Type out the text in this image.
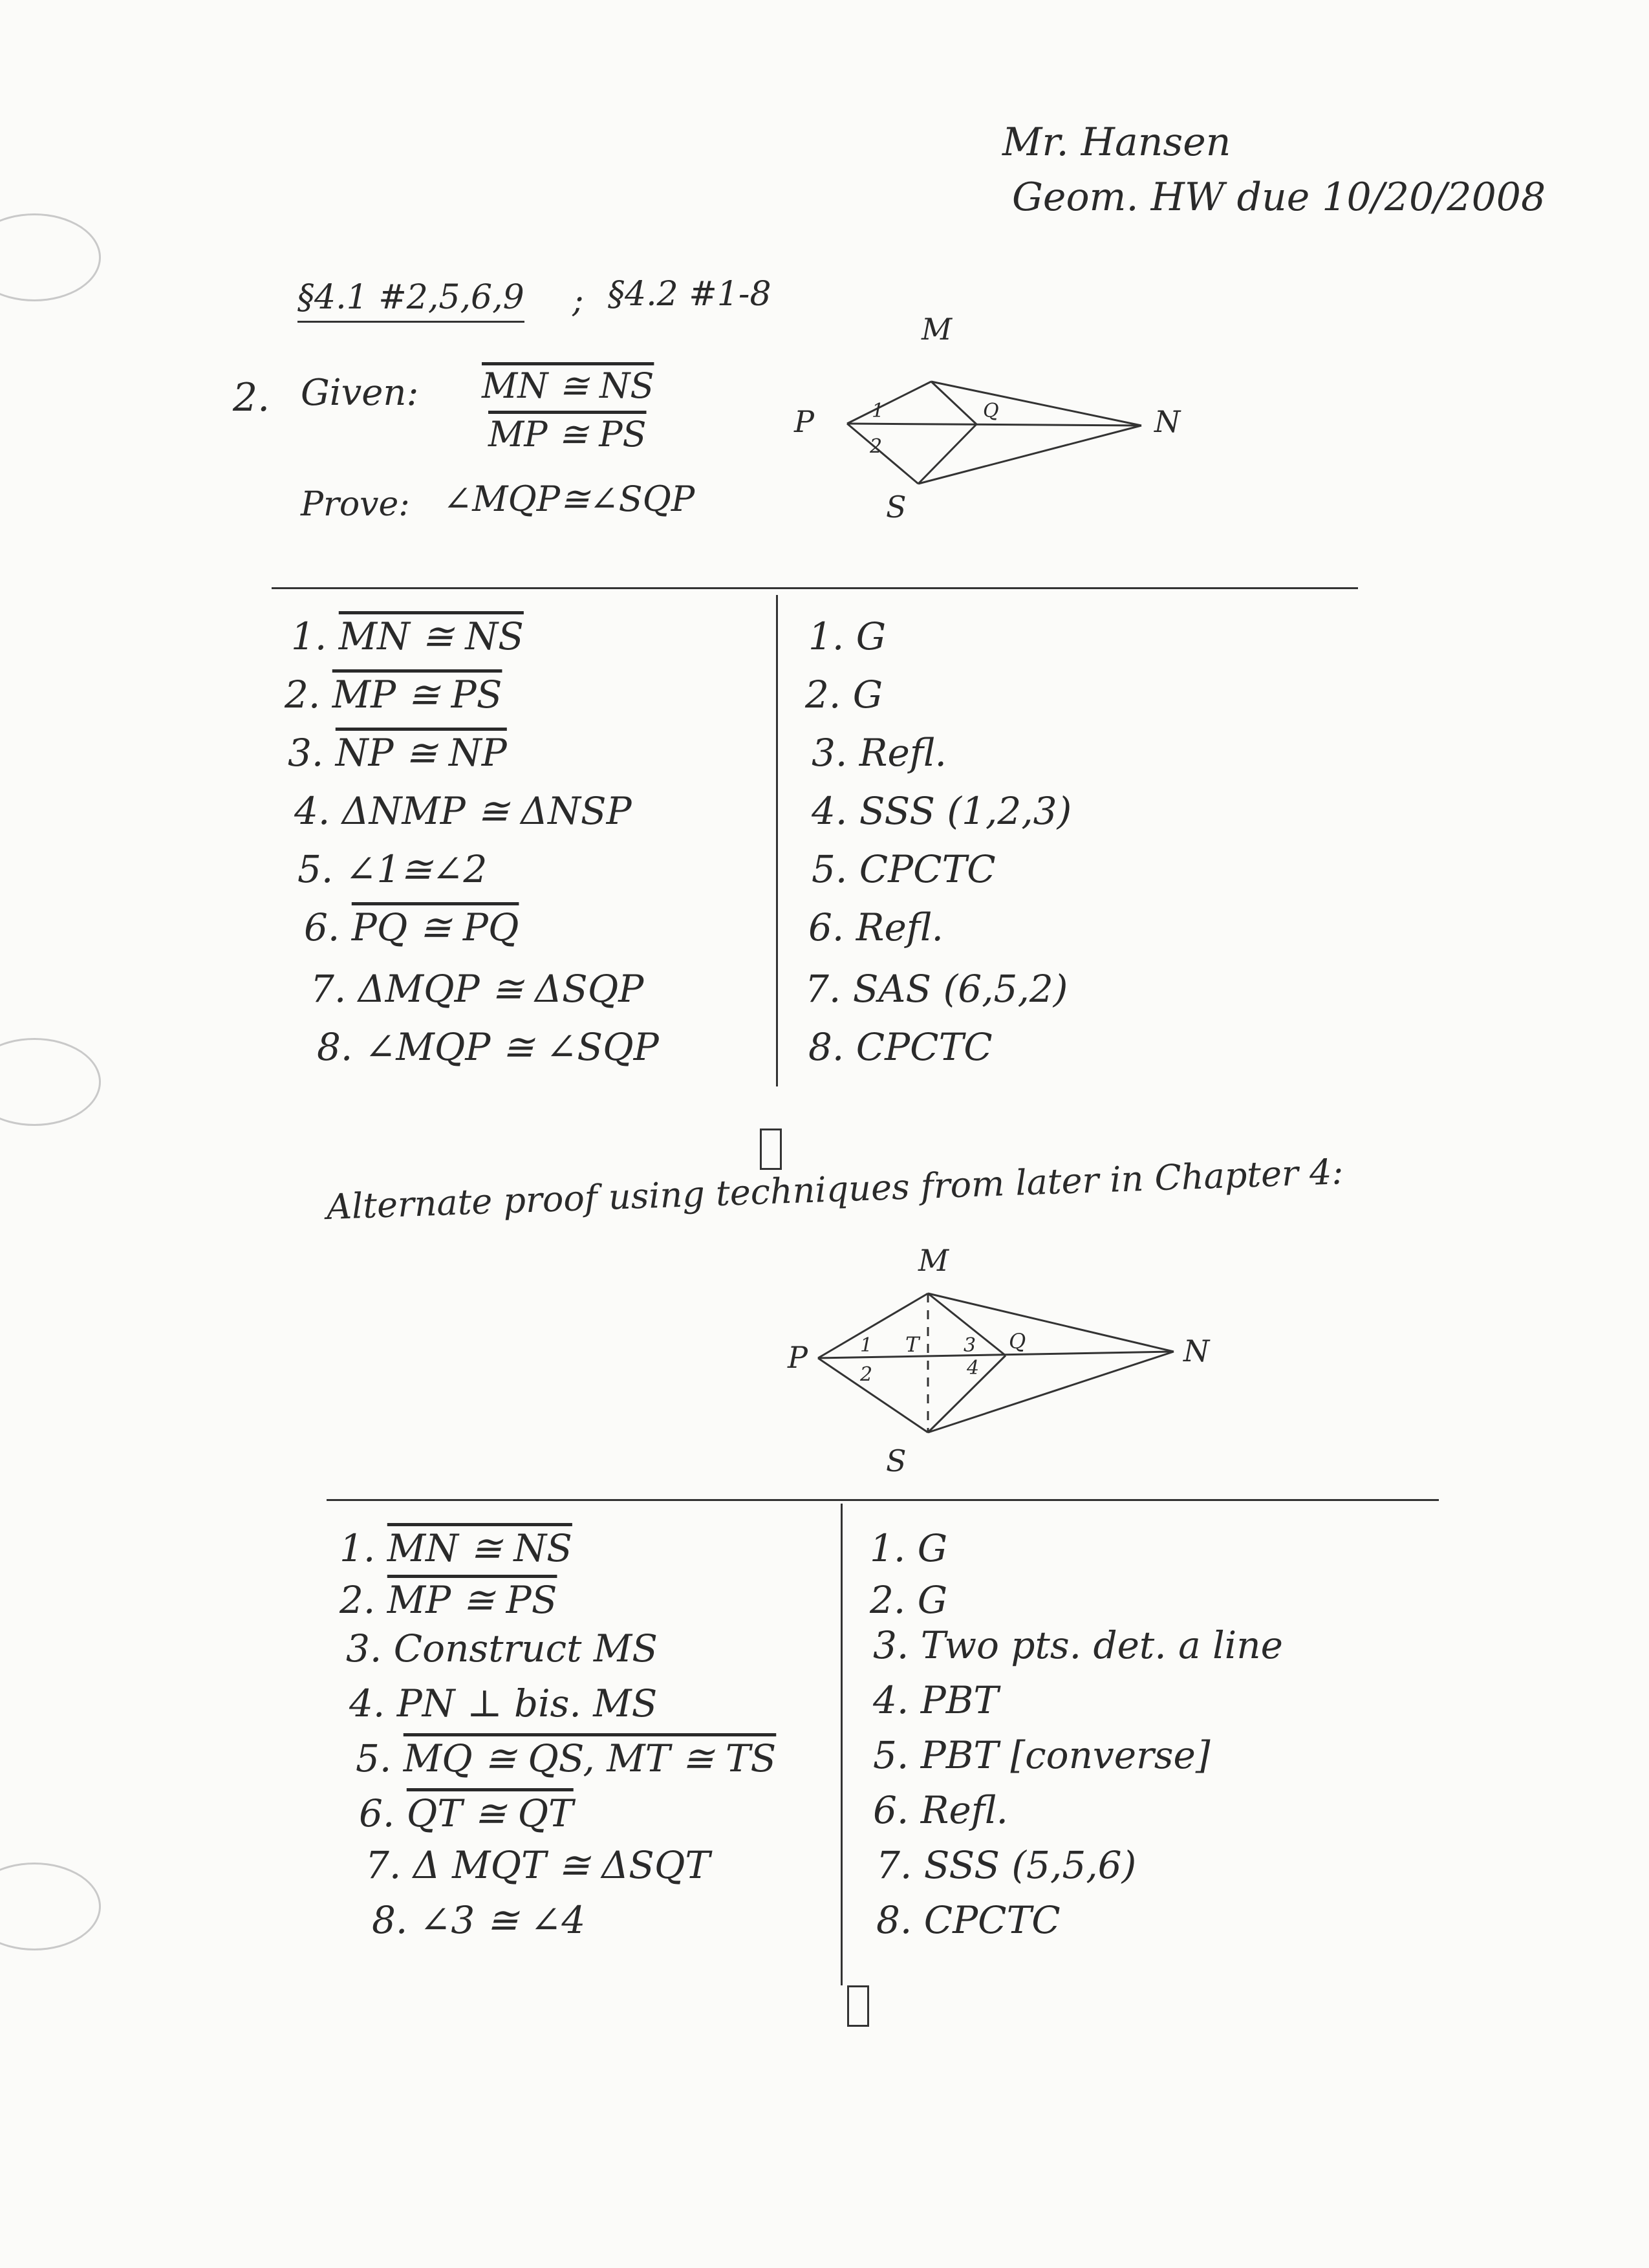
Mr. Hansen
Geom. HW due 10/20/2008
§4.1 #2,5,6,9 ; §4.2 #1-8
2. Given: MN ≅ NS
MP ≅ PS
Prove: ∠MQP≅∠SQP
M
N
P
S
Q
1
2
1. MN ≅ NS
2. MP ≅ PS
3. NP ≅ NP
4. ΔNMP ≅ ΔNSP
5. ∠1≅∠2
6. PQ ≅ PQ
7. ΔMQP ≅ ΔSQP
8. ∠MQP ≅ ∠SQP
1. G
2. G
3. Refl.
4. SSS (1,2,3)
5. CPCTC
6. Refl.
7. SAS (6,5,2)
8. CPCTC
Alternate proof using techniques from later in Chapter 4:
M
N
P
S
Q
T
1
2
3
4
1. MN ≅ NS
2. MP ≅ PS
3. Construct MS
4. PN ⊥ bis. MS
5. MQ ≅ QS, MT ≅ TS
6. QT ≅ QT
7. Δ MQT ≅ ΔSQT
8. ∠3 ≅ ∠4
1. G
2. G
3. Two pts. det. a line
4. PBT
5. PBT [converse]
6. Refl.
7. SSS (5,5,6)
8. CPCTC
